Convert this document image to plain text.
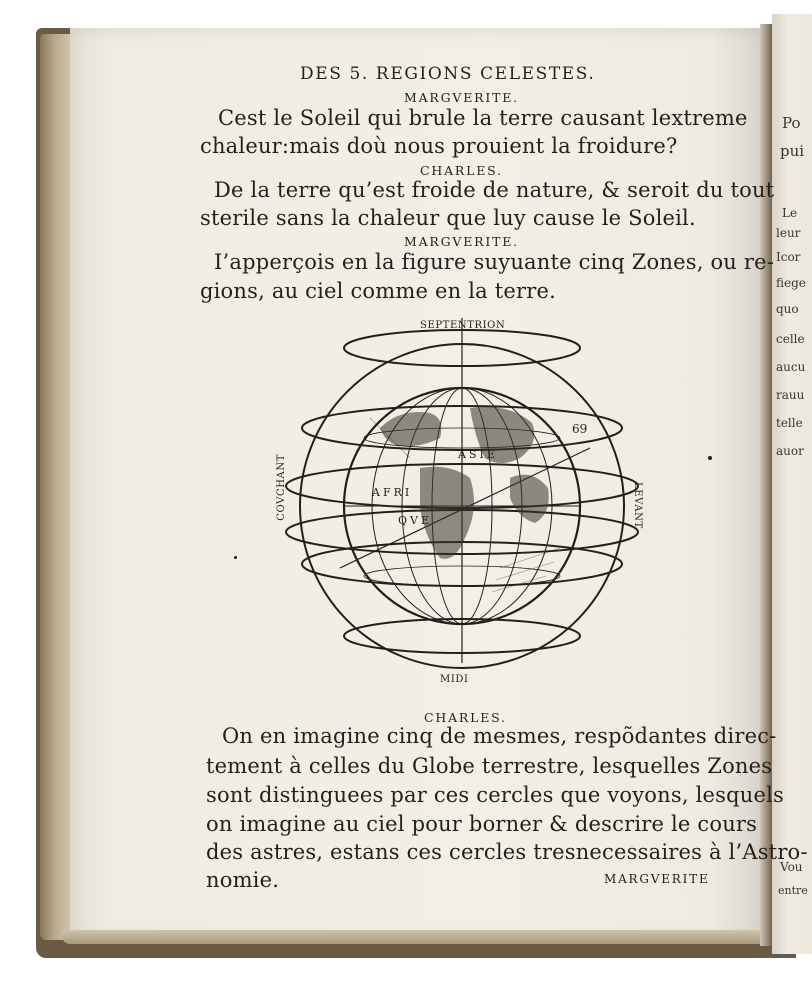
Po
pui
Le
leur
Icor
fiege
quo
celle
aucu
rauu
telle
auor
Vou
entre

DES 5. REGIONS CELESTES.

MARGVERITE.

Cest le Soleil qui brule la terre causant lextreme

chaleur:mais doù nous prouient la froidure?

CHARLES.

De la terre qu’est froide de nature, & seroit du tout

sterile sans la chaleur que luy cause le Soleil.

MARGVERITE.

I’apperçois en la figure suyuante cinq Zones, ou re-

gions, au ciel comme en la terre.

SEPTENTRION
MIDI
COVCHANT	LEVANT
ASIE
AFRI
QVE
69

CHARLES.

On en imagine cinq de mesmes, respõdantes direc-

tement à celles du Globe terrestre, lesquelles Zones

sont distinguees par ces cercles que voyons, lesquels

on imagine au ciel pour borner & descrire le cours

des astres, estans ces cercles tresnecessaires à l’Astro-

nomie.	MARGVERITE
